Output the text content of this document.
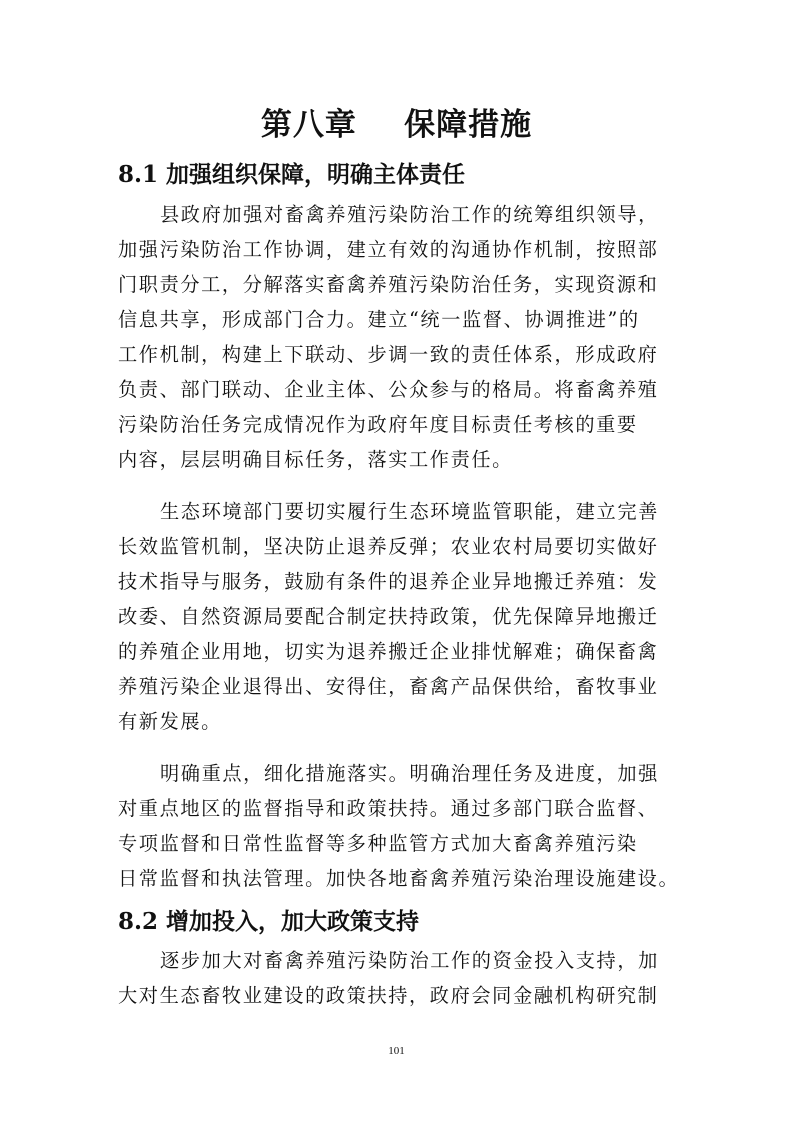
第八章    保障措施
8.1 加强组织保障，明确主体责任
县政府加强对畜禽养殖污染防治工作的统筹组织领导，
加强污染防治工作协调，建立有效的沟通协作机制，按照部
门职责分工，分解落实畜禽养殖污染防治任务，实现资源和
信息共享，形成部门合力。建立“统一监督、协调推进”的
工作机制，构建上下联动、步调一致的责任体系，形成政府
负责、部门联动、企业主体、公众参与的格局。将畜禽养殖
污染防治任务完成情况作为政府年度目标责任考核的重要
内容，层层明确目标任务，落实工作责任。
生态环境部门要切实履行生态环境监管职能，建立完善
长效监管机制，坚决防止退养反弹；农业农村局要切实做好
技术指导与服务，鼓励有条件的退养企业异地搬迁养殖：发
改委、自然资源局要配合制定扶持政策，优先保障异地搬迁
的养殖企业用地，切实为退养搬迁企业排忧解难；确保畜禽
养殖污染企业退得出、安得住，畜禽产品保供给，畜牧事业
有新发展。
明确重点，细化措施落实。明确治理任务及进度，加强
对重点地区的监督指导和政策扶持。通过多部门联合监督、
专项监督和日常性监督等多种监管方式加大畜禽养殖污染
日常监督和执法管理。加快各地畜禽养殖污染治理设施建设。
8.2 增加投入，加大政策支持
逐步加大对畜禽养殖污染防治工作的资金投入支持，加
大对生态畜牧业建设的政策扶持，政府会同金融机构研究制
101
